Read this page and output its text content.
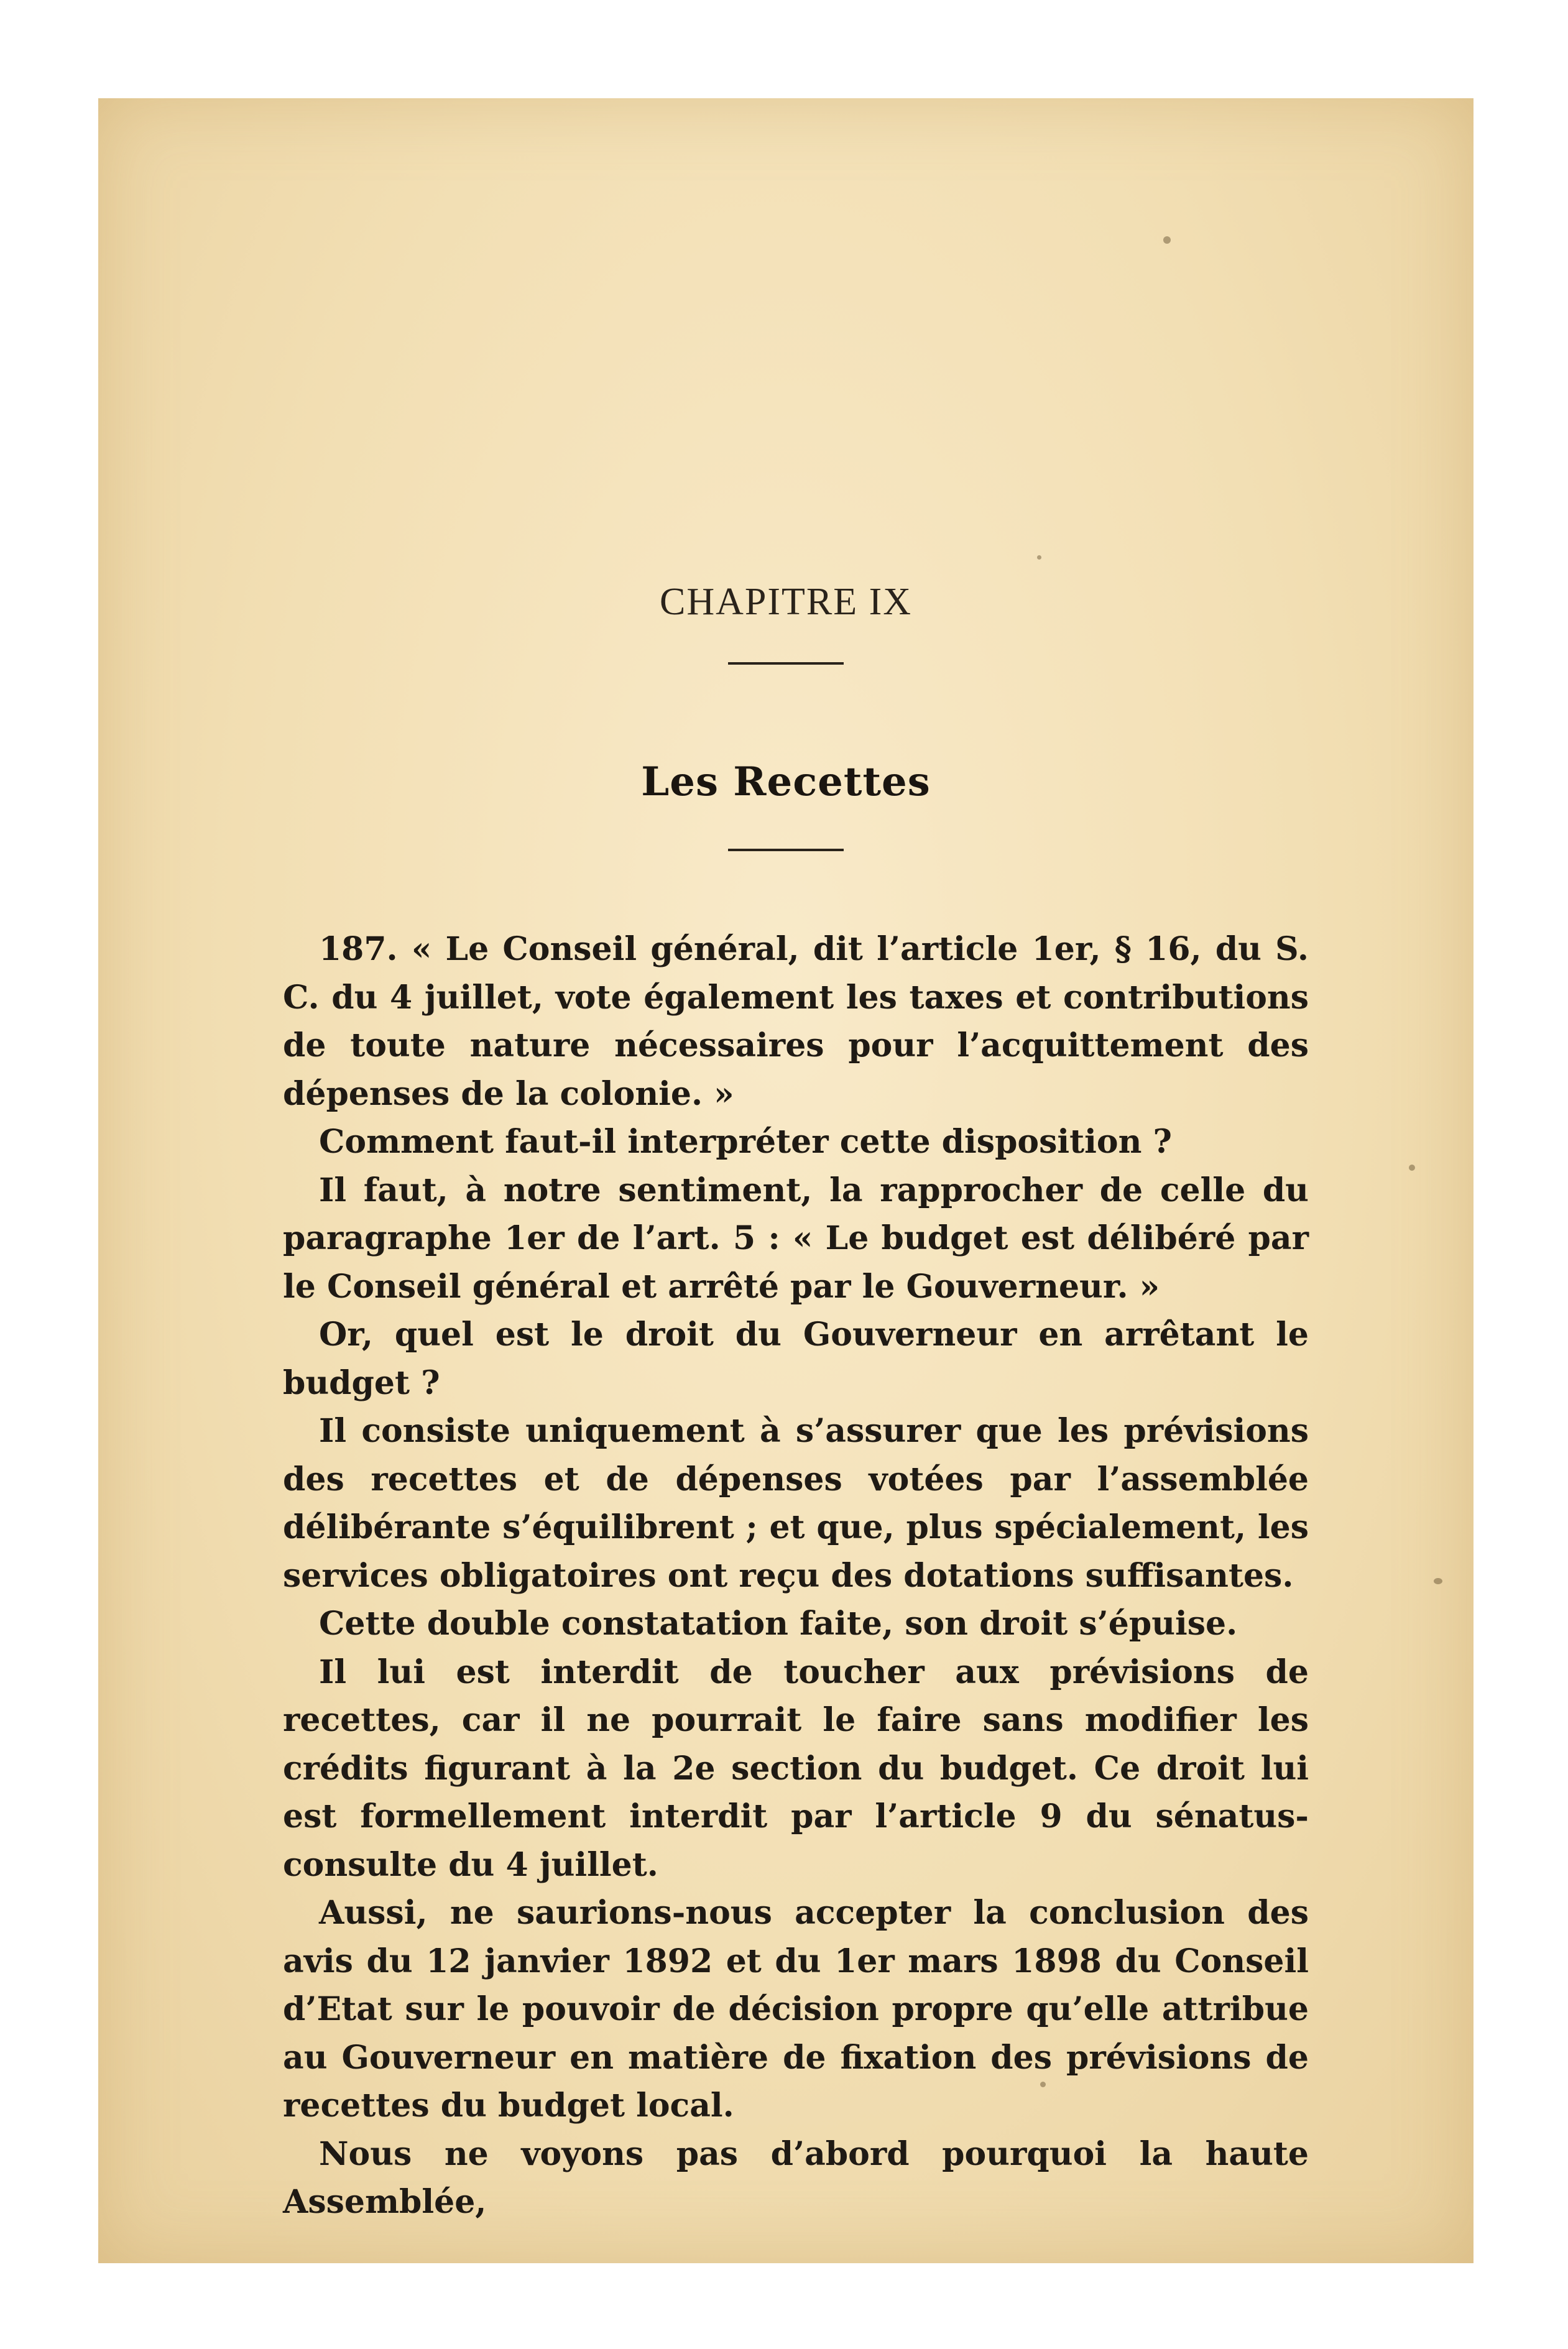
CHAPITRE IX
Les Recettes

187. « Le Conseil général, dit l’article 1er, § 16, du S. C. du 4 juillet, vote également les taxes et contributions de toute nature nécessaires pour l’acquittement des dépenses de la colonie. »

Comment faut-il interpréter cette disposition ?

Il faut, à notre sentiment, la rapprocher de celle du paragraphe 1er de l’art. 5 : « Le budget est délibéré par le Conseil général et arrêté par le Gouverneur. »

Or, quel est le droit du Gouverneur en arrêtant le budget ?

Il consiste uniquement à s’assurer que les prévisions des recettes et de dépenses votées par l’assemblée délibérante s’équilibrent ; et que, plus spécialement, les services obligatoires ont reçu des dotations suffisantes.

Cette double constatation faite, son droit s’épuise.

Il lui est interdit de toucher aux prévisions de recettes, car il ne pourrait le faire sans modifier les crédits figurant à la 2e section du budget. Ce droit lui est formellement interdit par l’article 9 du sénatus-consulte du 4 juillet.

Aussi, ne saurions-nous accepter la conclusion des avis du 12 janvier 1892 et du 1er mars 1898 du Conseil d’Etat sur le pouvoir de décision propre qu’elle attribue au Gouverneur en matière de fixation des prévisions de recettes du budget local.

Nous ne voyons pas d’abord pourquoi la haute Assemblée,
